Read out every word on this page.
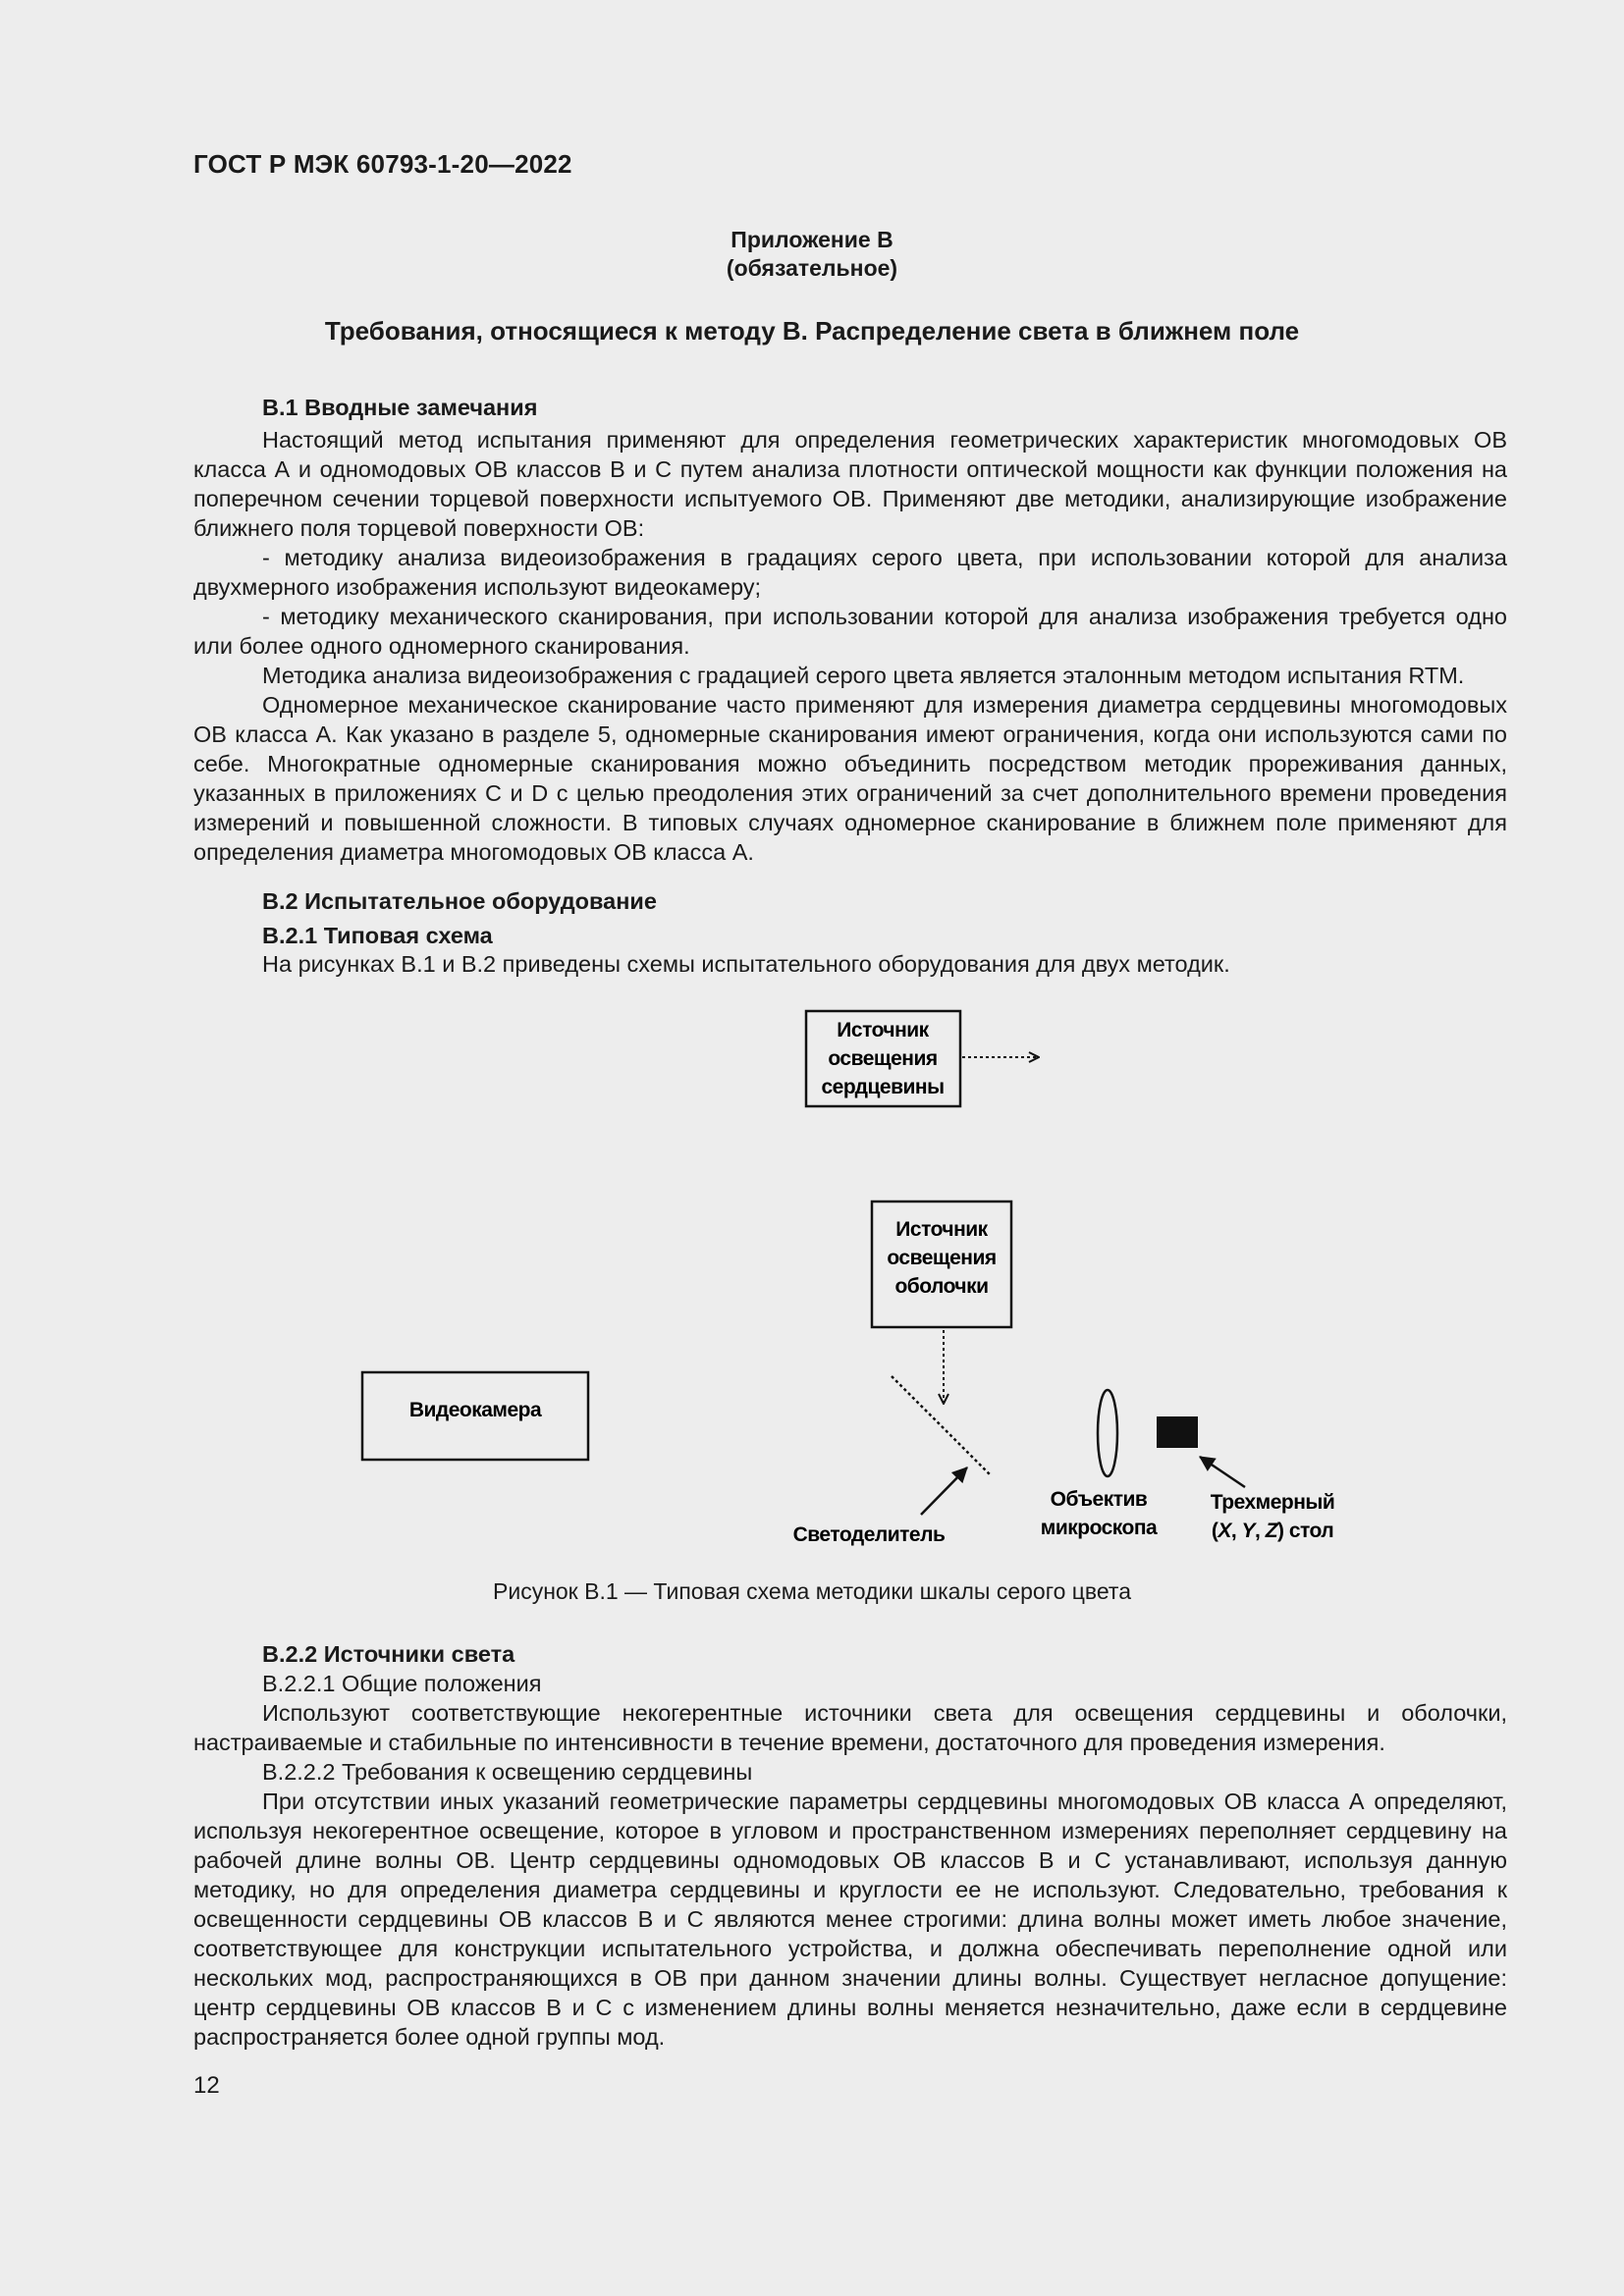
ГОСТ Р МЭК 60793-1-20—2022
Приложение В
(обязательное)
Требования, относящиеся к методу В. Распределение света в ближнем поле

В.1 Вводные замечания

Настоящий метод испытания применяют для определения геометрических характеристик многомодовых ОВ класса А и одномодовых ОВ классов В и С путем анализа плотности оптической мощности как функции положения на поперечном сечении торцевой поверхности испытуемого ОВ. Применяют две методики, анализирующие изображение ближнего поля торцевой поверхности ОВ:

- методику анализа видеоизображения в градациях серого цвета, при использовании которой для анализа двухмерного изображения используют видеокамеру;

- методику механического сканирования, при использовании которой для анализа изображения требуется одно или более одного одномерного сканирования.

Методика анализа видеоизображения с градацией серого цвета является эталонным методом испытания RTM.

Одномерное механическое сканирование часто применяют для измерения диаметра сердцевины многомодовых ОВ класса А. Как указано в разделе 5, одномерные сканирования имеют ограничения, когда они используются сами по себе. Многократные одномерные сканирования можно объединить посредством методик прореживания данных, указанных в приложениях С и D с целью преодоления этих ограничений за счет дополнительного времени проведения измерений и повышенной сложности. В типовых случаях одномерное сканирование в ближнем поле применяют для определения диаметра многомодовых ОВ класса А.

В.2 Испытательное оборудование

В.2.1 Типовая схема

На рисунках В.1 и В.2 приведены схемы испытательного оборудования для двух методик.

Источник
освещения
сердцевины
Источник
освещения
оболочки
Видеокамера
Светоделитель
Объектив
микроскопа
Трехмерный
(X, Y, Z) стол
Рисунок В.1 — Типовая схема методики шкалы серого цвета

В.2.2 Источники света

В.2.2.1 Общие положения

Используют соответствующие некогерентные источники света для освещения сердцевины и оболочки, настраиваемые и стабильные по интенсивности в течение времени, достаточного для проведения измерения.

В.2.2.2 Требования к освещению сердцевины

При отсутствии иных указаний геометрические параметры сердцевины многомодовых ОВ класса А определяют, используя некогерентное освещение, которое в угловом и пространственном измерениях переполняет сердцевину на рабочей длине волны ОВ. Центр сердцевины одномодовых ОВ классов В и С устанавливают, используя данную методику, но для определения диаметра сердцевины и круглости ее не используют. Следовательно, требования к освещенности сердцевины ОВ классов В и С являются менее строгими: длина волны может иметь любое значение, соответствующее для конструкции испытательного устройства, и должна обеспечивать переполнение одной или нескольких мод, распространяющихся в ОВ при данном значении длины волны. Существует негласное допущение: центр сердцевины ОВ классов В и С с изменением длины волны меняется незначительно, даже если в сердцевине распространяется более одной группы мод.

12
